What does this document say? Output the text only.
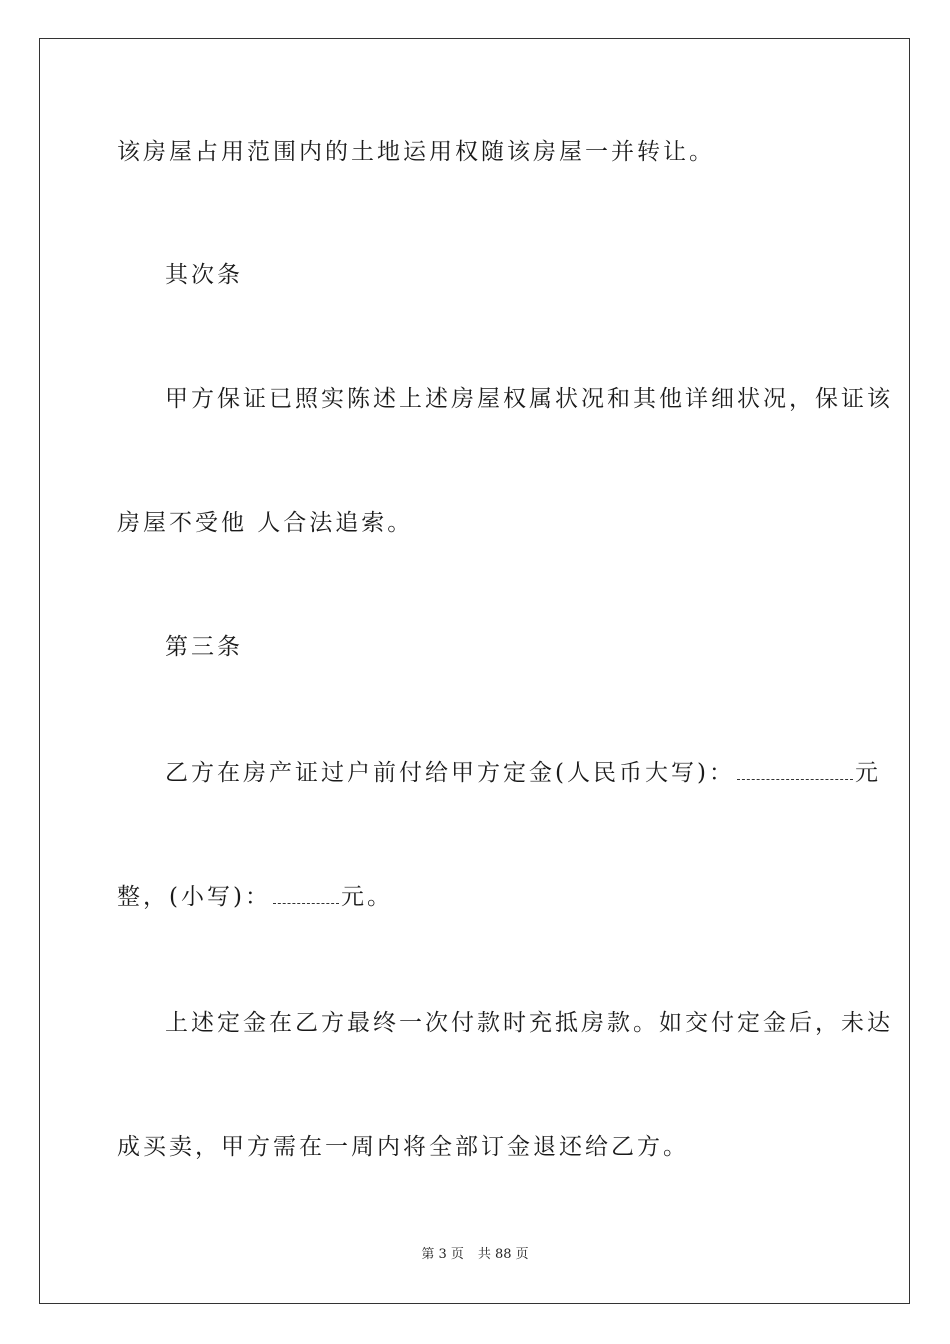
该房屋占用范围内的土地运用权随该房屋一并转让。
其次条
甲方保证已照实陈述上述房屋权属状况和其他详细状况，保证该
房屋不受他 人合法追索。
第三条
乙方在房产证过户前付给甲方定金(人民币大写)：	元
整，(小写)：	元。
上述定金在乙方最终一次付款时充抵房款。如交付定金后，未达
成买卖，甲方需在一周内将全部订金退还给乙方。
第 3 页 共 88 页
